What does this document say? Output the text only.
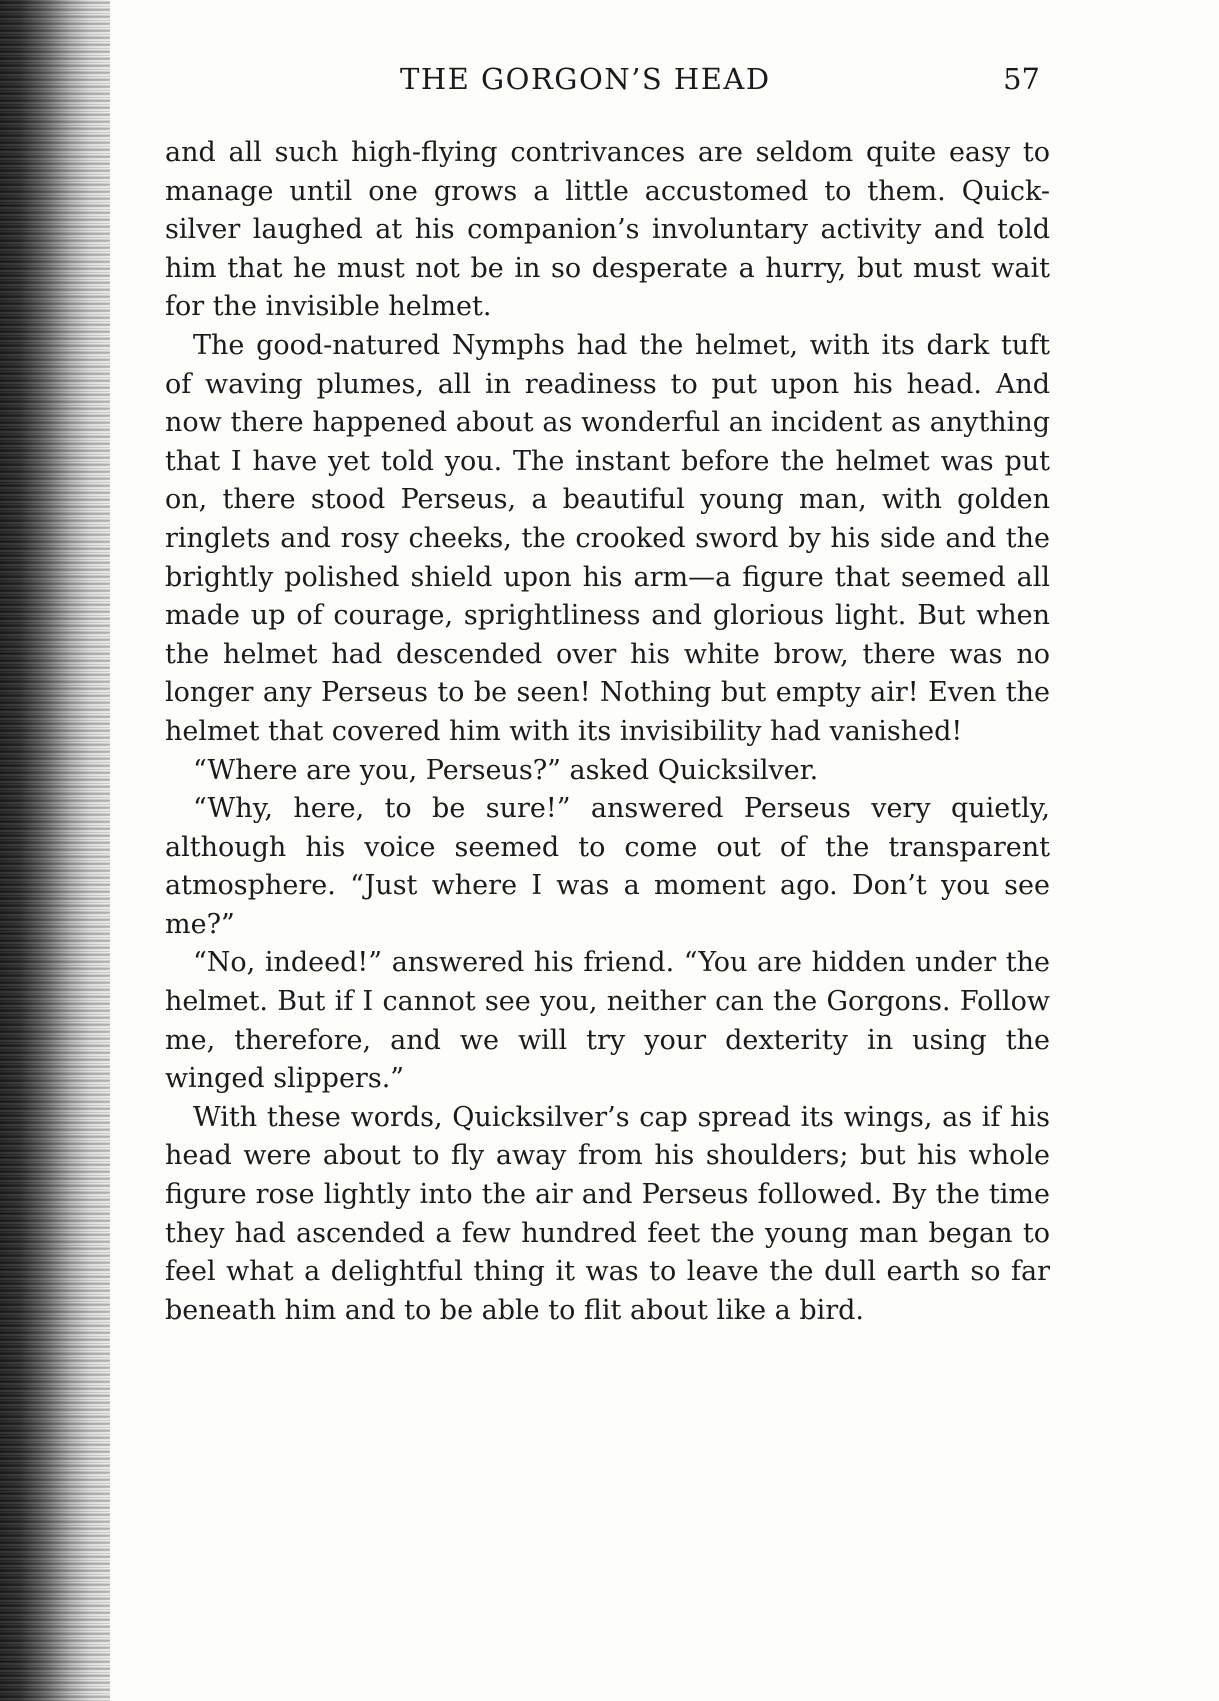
THE GORGON’S HEAD	57

and all such high-flying contrivances are seldom quite easy to manage until one grows a little accustomed to them. Quick-silver laughed at his companion’s involuntary activity and told him that he must not be in so desperate a hurry, but must wait for the invisible helmet.

The good-natured Nymphs had the helmet, with its dark tuft of waving plumes, all in readiness to put upon his head. And now there happened about as wonderful an incident as anything that I have yet told you. The instant before the helmet was put on, there stood Perseus, a beautiful young man, with golden ringlets and rosy cheeks, the crooked sword by his side and the brightly polished shield upon his arm—a figure that seemed all made up of courage, sprightliness and glorious light. But when the helmet had descended over his white brow, there was no longer any Perseus to be seen! Nothing but empty air! Even the helmet that covered him with its invisibility had vanished!

“Where are you, Perseus?” asked Quicksilver.

“Why, here, to be sure!” answered Perseus very quietly, although his voice seemed to come out of the transparent atmosphere. “Just where I was a moment ago. Don’t you see me?”

“No, indeed!” answered his friend. “You are hidden under the helmet. But if I cannot see you, neither can the Gorgons. Follow me, therefore, and we will try your dexterity in using the winged slippers.”

With these words, Quicksilver’s cap spread its wings, as if his head were about to fly away from his shoulders; but his whole figure rose lightly into the air and Perseus followed. By the time they had ascended a few hundred feet the young man began to feel what a delightful thing it was to leave the dull earth so far beneath him and to be able to flit about like a bird.
